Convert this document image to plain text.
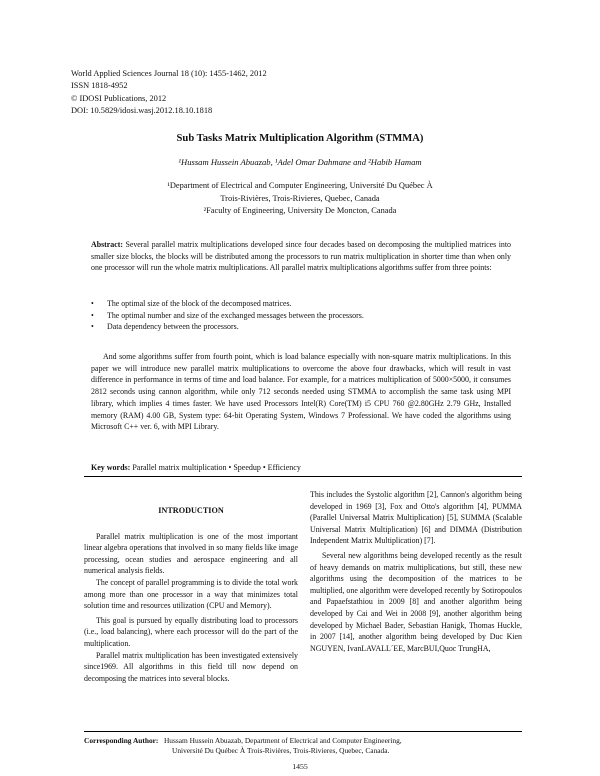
World Applied Sciences Journal 18 (10): 1455-1462, 2012
ISSN 1818-4952
© IDOSI Publications, 2012
DOI: 10.5829/idosi.wasj.2012.18.10.1818
Sub Tasks Matrix Multiplication Algorithm (STMMA)
¹Hussam Hussein Abuazab, ¹Adel Omar Dahmane and ²Habib Hamam
¹Department of Electrical and Computer Engineering, Université Du Québec À
Trois-Rivières, Trois-Rivieres, Quebec, Canada
²Faculty of Engineering, University De Moncton, Canada
Abstract: Several parallel matrix multiplications developed since four decades based on decomposing the multiplied matrices into smaller size blocks, the blocks will be distributed among the processors to run matrix multiplication in shorter time than when only one processor will run the whole matrix multiplications. All parallel matrix multiplications algorithms suffer from three points:
• The optimal size of the block of the decomposed matrices.
• The optimal number and size of the exchanged messages between the processors.
• Data dependency between the processors.
And some algorithms suffer from fourth point, which is load balance especially with non-square matrix multiplications. In this paper we will introduce new parallel matrix multiplications to overcome the above four drawbacks, which will result in vast difference in performance in terms of time and load balance. For example, for a matrices multiplication of 5000×5000, it consumes 2812 seconds using cannon algorithm, while only 712 seconds needed using STMMA to accomplish the same task using MPI library, which implies 4 times faster. We have used Processors Intel(R) Core(TM) i5 CPU 760 @2.80GHz 2.79 GHz, Installed memory (RAM) 4.00 GB, System type: 64-bit Operating System, Windows 7 Professional. We have coded the algorithms using Microsoft C++ ver. 6, with MPI Library.
Key words: Parallel matrix multiplication • Speedup • Efficiency
INTRODUCTION

Parallel matrix multiplication is one of the most important linear algebra operations that involved in so many fields like image processing, ocean studies and aerospace engineering and all numerical analysis fields.

The concept of parallel programming is to divide the total work among more than one processor in a way that minimizes total solution time and resources utilization (CPU and Memory).

This goal is pursued by equally distributing load to processors (i.e., load balancing), where each processor will do the part of the multiplication.

Parallel matrix multiplication has been investigated extensively since1969. All algorithms in this field till now depend on decomposing the matrices into several blocks.

This includes the Systolic algorithm [2], Cannon's algorithm being developed in 1969 [3], Fox and Otto's algorithm [4], PUMMA (Parallel Universal Matrix Multiplication) [5], SUMMA (Scalable Universal Matrix Multiplication) [6] and DIMMA (Distribution Independent Matrix Multiplication) [7].

Several new algorithms being developed recently as the result of heavy demands on matrix multiplications, but still, these new algorithms using the decomposition of the matrices to be multiplied, one algorithm were developed recently by Sotiropoulos and Papaefstathiou in 2009 [8] and another algorithm being developed by Cai and Wei in 2008 [9], another algorithm being developed by Michael Bader, Sebastian Hanigk, Thomas Huckle, in 2007 [14], another algorithm being developed by Duc Kien NGUYEN, IvanLAVALL´EE, MarcBUI,Quoc TrungHA,

Corresponding Author: Hussam Hussein Abuazab, Department of Electrical and Computer Engineering,
Université Du Québec À Trois-Rivières, Trois-Rivieres, Quebec, Canada.
1455
